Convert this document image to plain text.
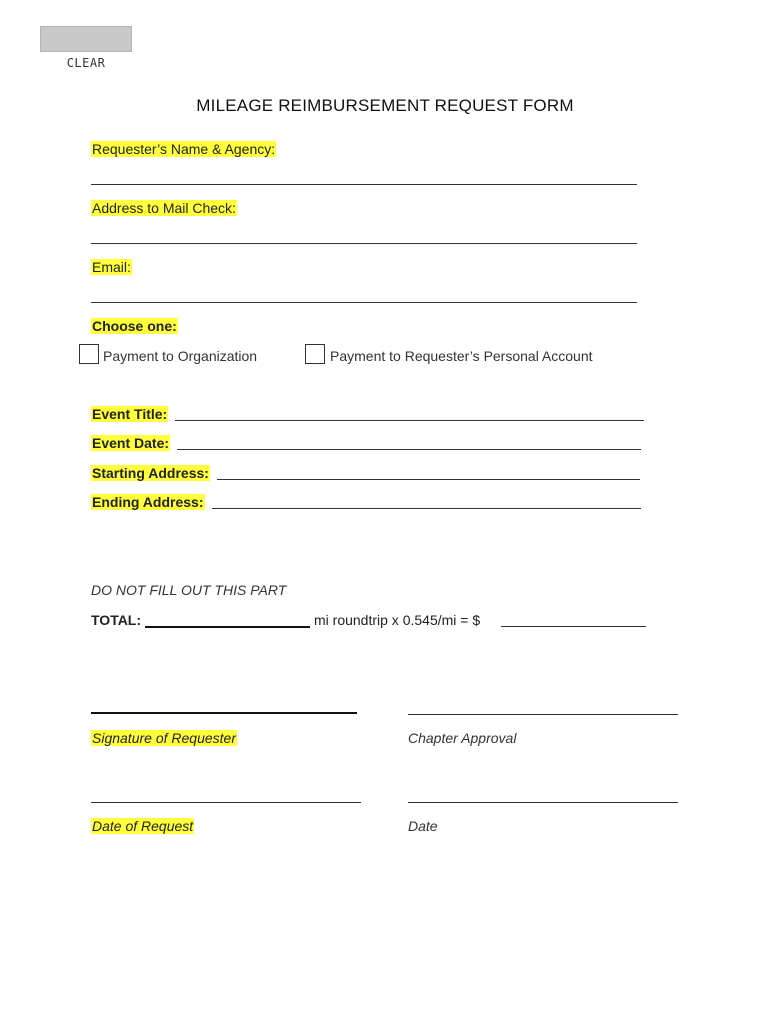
CLEAR
MILEAGE REIMBURSEMENT REQUEST FORM
Requester’s Name & Agency:
Address to Mail Check:
Email:
Choose one:
Payment to Organization	Payment to Requester’s Personal Account
Event Title:
Event Date:
Starting Address:
Ending Address:
DO NOT FILL OUT THIS PART
TOTAL:	mi roundtrip x 0.545/mi = $
Signature of Requester	Chapter Approval
Date of Request	Date
